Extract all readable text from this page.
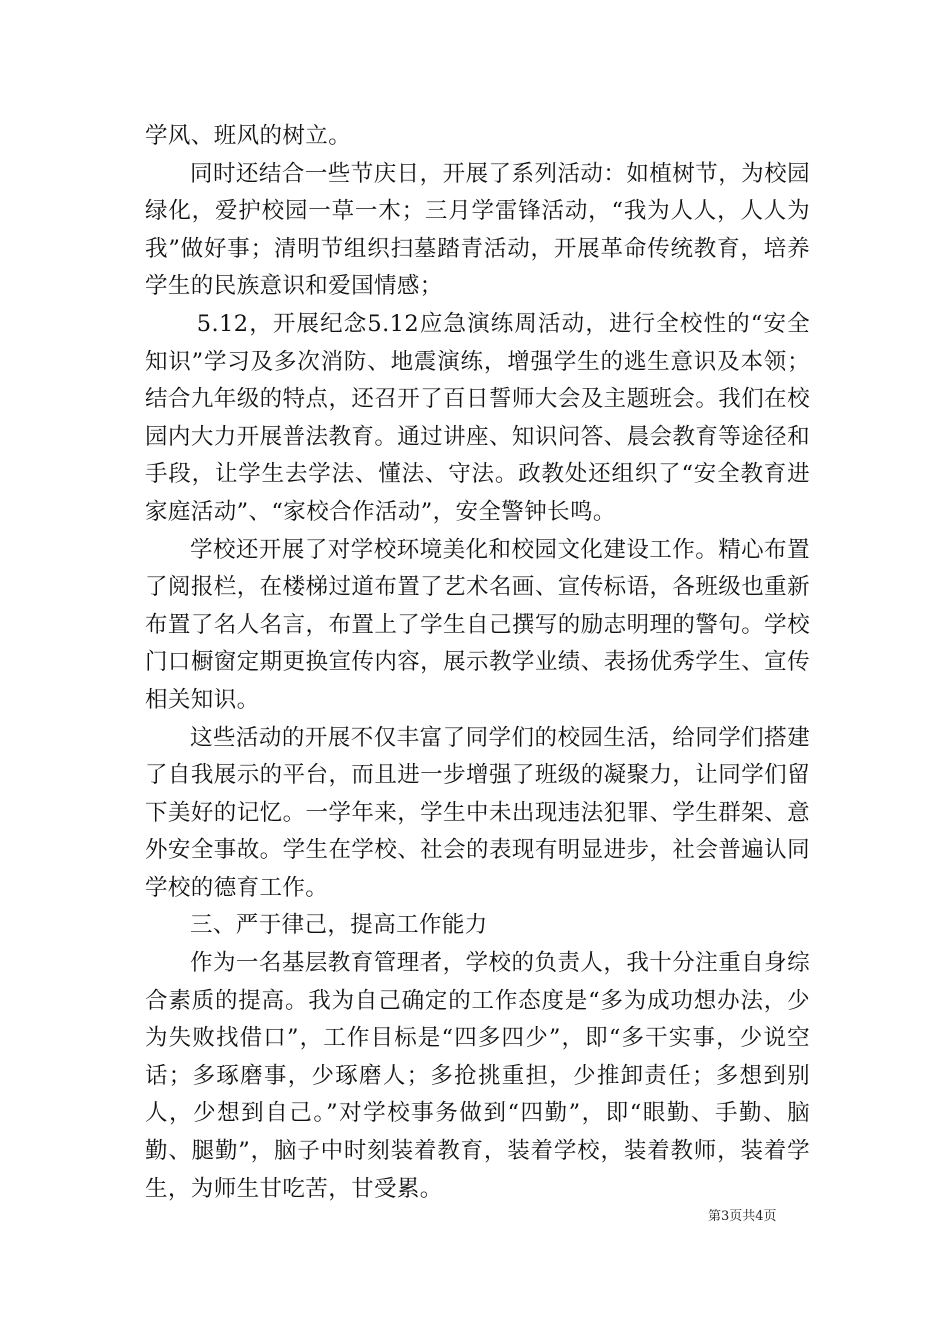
学风、班风的树立。

同时还结合一些节庆日，开展了系列活动：如植树节，为校园绿化，爱护校园一草一木；三月学雷锋活动，“我为人人，人人为我”做好事；清明节组织扫墓踏青活动，开展革命传统教育，培养学生的民族意识和爱国情感；

5.12，开展纪念5.12应急演练周活动，进行全校性的“安全知识”学习及多次消防、地震演练，增强学生的逃生意识及本领；结合九年级的特点，还召开了百日誓师大会及主题班会。我们在校园内大力开展普法教育。通过讲座、知识问答、晨会教育等途径和手段，让学生去学法、懂法、守法。政教处还组织了“安全教育进家庭活动”、“家校合作活动”，安全警钟长鸣。

学校还开展了对学校环境美化和校园文化建设工作。精心布置了阅报栏，在楼梯过道布置了艺术名画、宣传标语，各班级也重新布置了名人名言，布置上了学生自己撰写的励志明理的警句。学校门口橱窗定期更换宣传内容，展示教学业绩、表扬优秀学生、宣传相关知识。

这些活动的开展不仅丰富了同学们的校园生活，给同学们搭建了自我展示的平台，而且进一步增强了班级的凝聚力，让同学们留下美好的记忆。一学年来，学生中未出现违法犯罪、学生群架、意外安全事故。学生在学校、社会的表现有明显进步，社会普遍认同学校的德育工作。

三、严于律己，提高工作能力

作为一名基层教育管理者，学校的负责人，我十分注重自身综合素质的提高。我为自己确定的工作态度是“多为成功想办法，少为失败找借口”，工作目标是“四多四少”，即“多干实事，少说空话；多琢磨事，少琢磨人；多抢挑重担，少推卸责任；多想到别人，少想到自己。”对学校事务做到“四勤”，即“眼勤、手勤、脑勤、腿勤”，脑子中时刻装着教育，装着学校，装着教师，装着学生，为师生甘吃苦，甘受累。

第3页共4页
